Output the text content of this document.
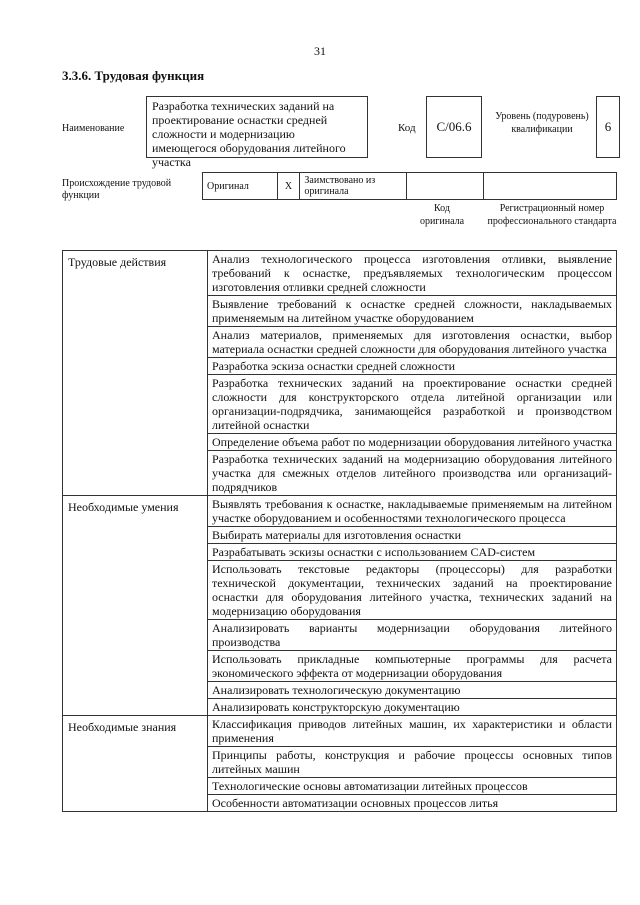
31
3.3.6. Трудовая функция
Наименование
Разработка технических заданий на проектирование оснастки средней сложности и модернизацию имеющегося оборудования литейного участка
Код	С/06.6
Уровень (подуровень) квалификации	6
Происхождение трудовой функции
Оригинал	X	Заимствовано из оригинала		
Код оригинала
Регистрационный номер профессионального стандарта
Трудовые действия	Анализ технологического процесса изготовления отливки, выявление требований к оснастке, предъявляемых технологическим процессом изготовления отливки средней сложности
	Выявление требований к оснастке средней сложности, накладываемых применяемым на литейном участке оборудованием
	Анализ материалов, применяемых для изготовления оснастки, выбор материала оснастки средней сложности для оборудования литейного участка
	Разработка эскиза оснастки средней сложности
	Разработка технических заданий на проектирование оснастки средней сложности для конструкторского отдела литейной организации или организации-подрядчика, занимающейся разработкой и производством литейной оснастки
	Определение объема работ по модернизации оборудования литейного участка
	Разработка технических заданий на модернизацию оборудования литейного участка для смежных отделов литейного производства или организаций-подрядчиков
Необходимые умения	Выявлять требования к оснастке, накладываемые применяемым на литейном участке оборудованием и особенностями технологического процесса
	Выбирать материалы для изготовления оснастки
	Разрабатывать эскизы оснастки с использованием CAD-систем
	Использовать текстовые редакторы (процессоры) для разработки технической документации, технических заданий на проектирование оснастки для оборудования литейного участка, технических заданий на модернизацию оборудования
	Анализировать варианты модернизации оборудования литейного производства
	Использовать прикладные компьютерные программы для расчета экономического эффекта от модернизации оборудования
	Анализировать технологическую документацию
	Анализировать конструкторскую документацию
Необходимые знания	Классификация приводов литейных машин, их характеристики и области применения
	Принципы работы, конструкция и рабочие процессы основных типов литейных машин
	Технологические основы автоматизации литейных процессов
	Особенности автоматизации основных процессов литья
